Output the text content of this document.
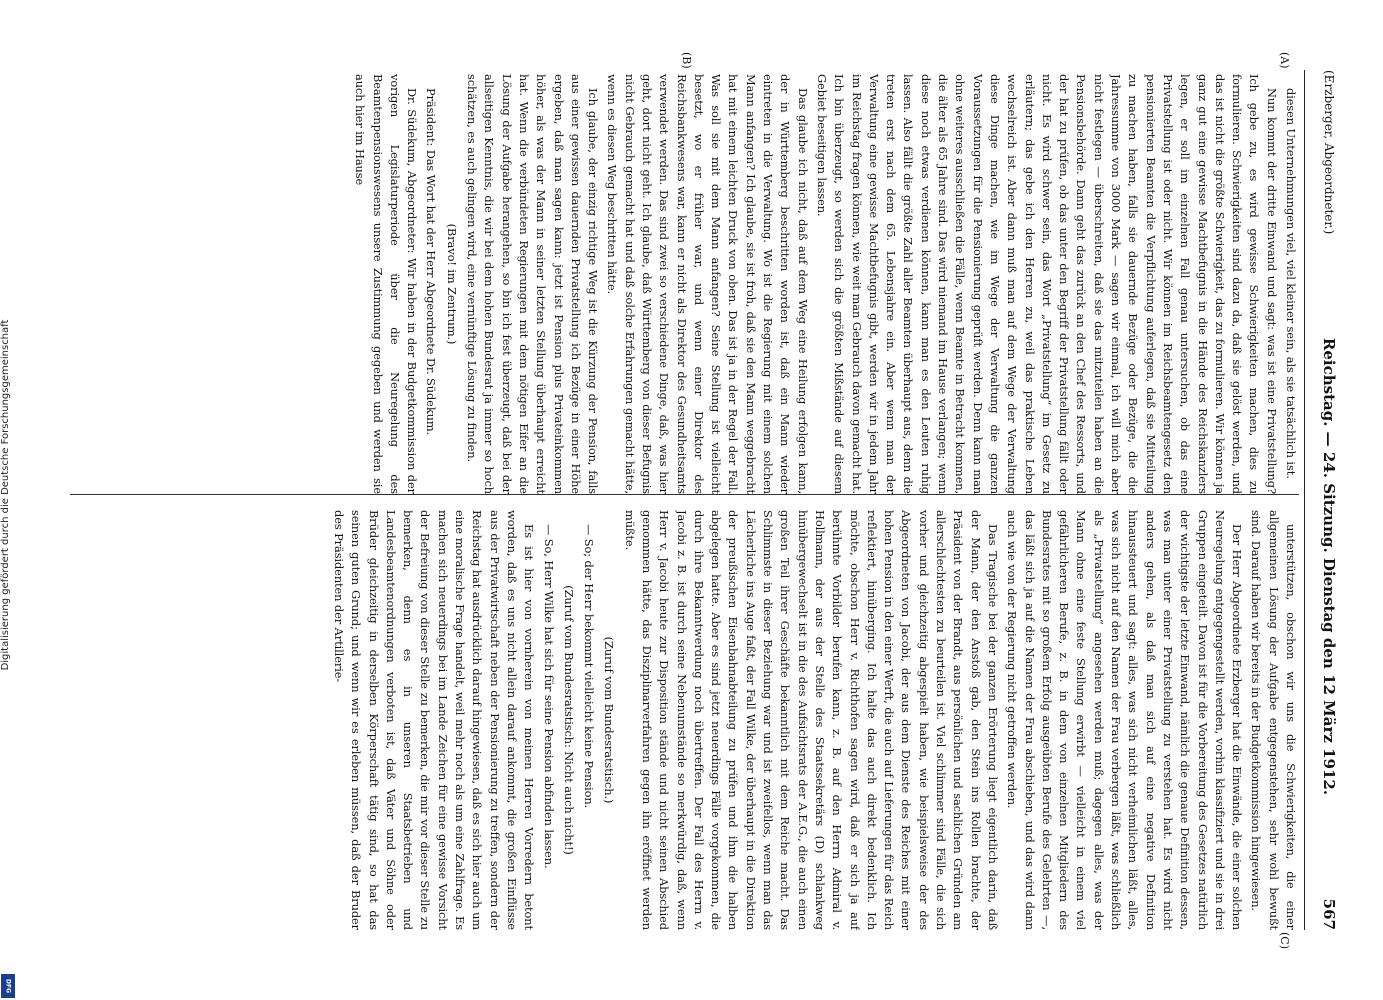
(Erzberger, Abgeordneter.)
Reichstag. — 24. Sitzung. Dienstag den 12 März 1912.
567
(A)
(B)
(C)

diesen Unternehmungen viel, viel kleiner sein, als sie tatsächlich ist.

Nun kommt der dritte Einwand und sagt: was ist eine Privatstellung? Ich gebe zu, es wird gewisse Schwierigkeiten machen, dies zu formulieren. Schwierigkeiten sind dazu da, daß sie gelöst werden, und das ist nicht die größte Schwierigkeit, das zu formulieren. Wir können ja ganz gut eine gewisse Machtbefugnis in die Hände des Reichskanzlers legen, er soll im einzelnen Fall genau untersuchen, ob das eine Privatstellung ist oder nicht. Wir können im Reichsbeamtengesetz den pensionierten Beamten die Verpflichtung auferlegen, daß sie Mitteilung zu machen haben, falls sie dauernde Bezüge oder Bezüge, die die Jahressumme von 3000 Mark — sagen wir einmal, ich will mich aber nicht festlegen — überschreiten, daß sie das mitzuteilen haben an die Pensionsbehörde. Dann geht das zurück an den Chef des Ressorts, und der hat zu prüfen, ob das unter den Begriff der Privatstellung fällt oder nicht. Es wird schwer sein, das Wort „Privatstellung“ im Gesetz zu erläutern; das gebe ich den Herren zu, weil das praktische Leben wechselreich ist. Aber dann muß man auf dem Wege der Verwaltung diese Dinge machen, wie im Wege der Verwaltung die ganzen Voraussetzungen für die Pensionierung geprüft werden. Denn kann man ohne weiteres ausschließen die Fälle, wenn Beamte in Betracht kommen, die älter als 65 Jahre sind. Das wird niemand im Hause verlangen; wenn diese noch etwas verdienen können, kann man es den Leuten ruhig lassen. Also fällt die größte Zahl aller Beamten überhaupt aus, denn die treten erst nach dem 65. Lebensjahre ein. Aber wenn man der Verwaltung eine gewisse Machtbefugnis gibt, werden wir in jedem Jahr im Reichstag fragen können, wie weit man Gebrauch davon gemacht hat. Ich bin überzeugt, so werden sich die größten Mißstände auf diesem Gebiet beseitigen lassen.

Das glaube ich nicht, daß auf dem Weg eine Heilung erfolgen kann, der in Württemberg beschritten worden ist, daß ein Mann wieder eintreten in die Verwaltung. Wo ist die Regierung mit einem solchen Mann anfangen? Ich glaube, sie ist froh, daß sie den Mann weggebracht hat mit einem leichten Druck von oben. Das ist ja in der Regel der Fall. Was soll sie mit dem Mann anfangen? Seine Stellung ist vielleicht besetzt, wo er früher war, und wenn einer Direktor des Reichsbankwesens war, kann er nicht als Direktor des Gesundheitsamts verwendet werden. Das sind zwei so verschiedene Dinge, daß, was hier geht, dort nicht geht. Ich glaube, daß Württemberg von dieser Befugnis nicht Gebrauch gemacht hat und daß solche Erfahrungen gemacht hätte, wenn es diesen Weg beschritten hätte.

Ich glaube, der einzig richtige Weg ist die Kürzung der Pension, falls aus einer gewissen dauernden Privatstellung ich Bezüge in einer Höhe ergeben, daß man sagen kann: jetzt ist Pension plus Privateinkommen höher, als was der Mann in seiner letzten Stellung überhaupt erreicht hat. Wenn die verbündeten Regierungen mit dem nötigen Eifer an die Lösung der Aufgabe herangehen, so bin ich fest überzeugt, daß bei der allseitigen Kenntnis, die wir bei dem hohen Bundesrat ja immer so hoch schätzen, es auch gelingen wird, eine vernünftige Lösung zu finden.

(Bravo! im Zentrum.)

Präsident: Das Wort hat der Herr Abgeordnete Dr. Südekum.

Dr. Südekum, Abgeordneter: Wir haben in der Budgetkommission der vorigen Legislaturperiode über die Neuregelung des Beamtenpensionswesens unsere Zustimmung gegeben und werden sie auch hier im Hause

unterstützen, obschon wir uns die Schwierigkeiten, die einer allgemeinen Lösung der Aufgabe entgegenstehen, sehr wohl bewußt sind. Darauf haben wir bereits in der Budgetkommission hingewiesen.

Der Herr Abgeordnete Erzberger hat die Einwände, die einer solchen Neuregelung entgegengestellt werden, vorhin klassifiziert und sie in drei Gruppen eingeteilt. Davon ist für die Vorbereitung des Gesetzes natürlich der wichtigste der letzte Einwand, nämlich die genaue Definition dessen, was man unter einer Privatstellung zu verstehen hat. Es wird nicht anders gehen, als daß man sich auf eine negative Definition hinaussteuert und sagt: alles, was sich nicht verheimlichen läßt, alles, was sich nicht auf den Namen der Frau verbergen läßt, was schließlich als „Privatstellung“ angesehen werden muß; dagegen alles, was der Mann ohne eine feste Stellung erwirbt — vielleicht in einem viel gefährlicheren Berufe, z. B. in dem von einzelnen Mitgliedern des Bundesrates mit so großem Erfolg ausgeübten Berufe des Gelehrten —, das läßt sich ja auf die Namen der Frau abschieben, und das wird dann auch wie von der Regierung nicht getroffen werden.

Das Tragische bei der ganzen Erörterung liegt eigentlich darin, daß der Mann, der den Anstoß gab, den Stein ins Rollen brachte, der Präsident von der Brandt, aus persönlichen und sachlichen Gründen am allerschlechtesten zu beurteilen ist. Viel schlimmer sind Fälle, die sich vorher und gleichzeitig abgespielt haben, wie beispielsweise der des Abgeordneten von Jacobi, der aus dem Dienste des Reiches mit einer hohen Pension in den einer Werft, die auch auf Lieferungen für das Reich reflektiert, hinüberging. Ich halte das auch direkt bedenklich. Ich möchte, obschon Herr v. Richthofen sagen wird, daß er sich ja auf berühmte Vorbilder berufen kann, z. B. auf den Herrn Admiral v. Hollmann, der aus der Stelle des Staatssekretärs (D) schlankweg hinübergewechselt ist in die des Aufsichtsrats der A.E.G., die auch einen großen Teil ihrer Geschäfte bekanntlich mit dem Reiche macht. Das Schlimmste in dieser Beziehung war und ist zweifellos, wenn man das Lächerliche ins Auge faßt, der Fall Wilke, der überhaupt in die Direktion der preußischen Eisenbahnabteilung zu prüfen und ihm die halben abgelegen hatte. Aber es sind jetzt neuerdings Fälle vorgekommen, die durch ihre Bekanntwerdung noch übertreffen. Der Fall des Herrn v. Jacobi z. B. ist durch seine Nebenumstände so merkwürdig, daß, wenn Herr v. Jacobi heute zur Disposition stände und nicht seinen Abschied genommen hätte, das Disziplinarverfahren gegen ihn eröffnet werden müßte.

(Zuruf vom Bundesratstisch.)

— So; der Herr bekommt vielleicht keine Pension.

(Zuruf vom Bundesratstisch: Nicht auch nicht!)

— So, Herr Wilke hat sich für seine Pension abfinden lassen.

Es ist hier von vornherein von meinen Herren Vorredern betont worden, daß es uns nicht allein darauf ankommt, die großen Einflüsse aus der Privatwirtschaft neben der Pensionierung zu treffen, sondern der Reichstag hat ausdrücklich darauf hingewiesen, daß es sich hier auch um eine moralische Frage handelt, weil mehr noch als um eine Zahlfrage. Es machen sich neuerdings bei im Lande Zeichen für eine gewisse Vorsicht der Befreiung von dieser Stelle zu bemerken, die mir vor dieser Stelle zu bemerken, denn es in unseren Staatsbetrieben und Landesbeamtenordnungen verboten ist, daß Väter und Söhne oder Brüder gleichzeitig in derselben Körperschaft tätig sind, so hat das seinen guten Grund; und wenn wir es erleben müssen, daß der Bruder des Präsidenten der Artillerie-

Digitalisierung gefördert durch die Deutsche Forschungsgemeinschaft
DFG
